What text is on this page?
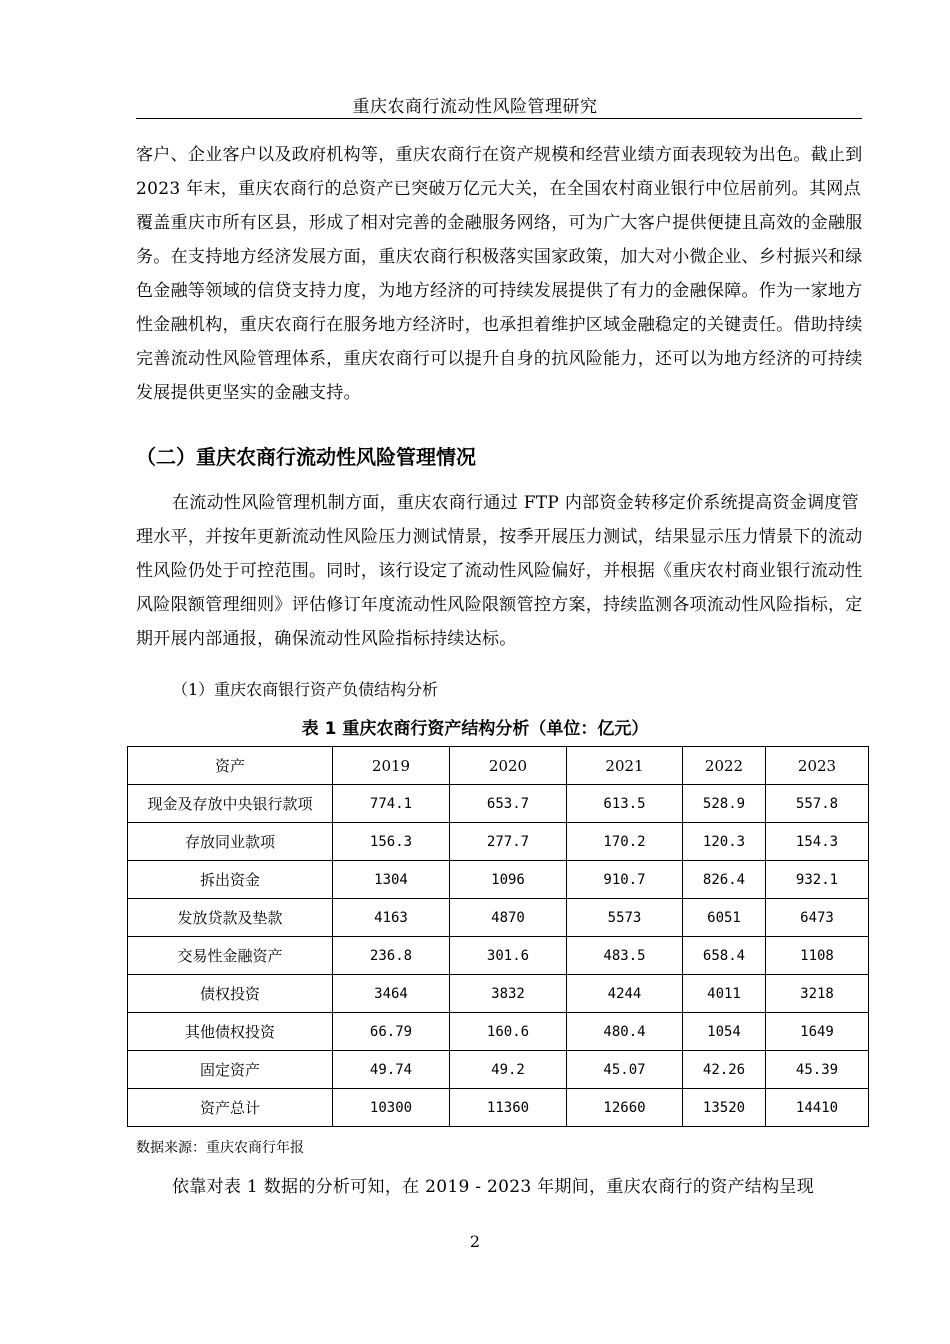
重庆农商行流动性风险管理研究
客户、企业客户以及政府机构等，重庆农商行在资产规模和经营业绩方面表现较为出色。截止到 2023 年末，重庆农商行的总资产已突破万亿元大关，在全国农村商业银行中位居前列。其网点覆盖重庆市所有区县，形成了相对完善的金融服务网络，可为广大客户提供便捷且高效的金融服务。在支持地方经济发展方面，重庆农商行积极落实国家政策，加大对小微企业、乡村振兴和绿色金融等领域的信贷支持力度，为地方经济的可持续发展提供了有力的金融保障。作为一家地方性金融机构，重庆农商行在服务地方经济时，也承担着维护区域金融稳定的关键责任。借助持续完善流动性风险管理体系，重庆农商行可以提升自身的抗风险能力，还可以为地方经济的可持续发展提供更坚实的金融支持。
（二）重庆农商行流动性风险管理情况
在流动性风险管理机制方面，重庆农商行通过 FTP 内部资金转移定价系统提高资金调度管理水平，并按年更新流动性风险压力测试情景，按季开展压力测试，结果显示压力情景下的流动性风险仍处于可控范围。同时，该行设定了流动性风险偏好，并根据《重庆农村商业银行流动性风险限额管理细则》评估修订年度流动性风险限额管控方案，持续监测各项流动性风险指标，定期开展内部通报，确保流动性风险指标持续达标。
（1）重庆农商银行资产负债结构分析
表 1 重庆农商行资产结构分析（单位：亿元）
资产	2019	2020	2021	2022	2023
现金及存放中央银行款项	774.1	653.7	613.5	528.9	557.8
存放同业款项	156.3	277.7	170.2	120.3	154.3
拆出资金	1304	1096	910.7	826.4	932.1
发放贷款及垫款	4163	4870	5573	6051	6473
交易性金融资产	236.8	301.6	483.5	658.4	1108
债权投资	3464	3832	4244	4011	3218
其他债权投资	66.79	160.6	480.4	1054	1649
固定资产	49.74	49.2	45.07	42.26	45.39
资产总计	10300	11360	12660	13520	14410
数据来源：重庆农商行年报
依靠对表 1 数据的分析可知，在 2019 - 2023 年期间，重庆农商行的资产结构呈现
2
